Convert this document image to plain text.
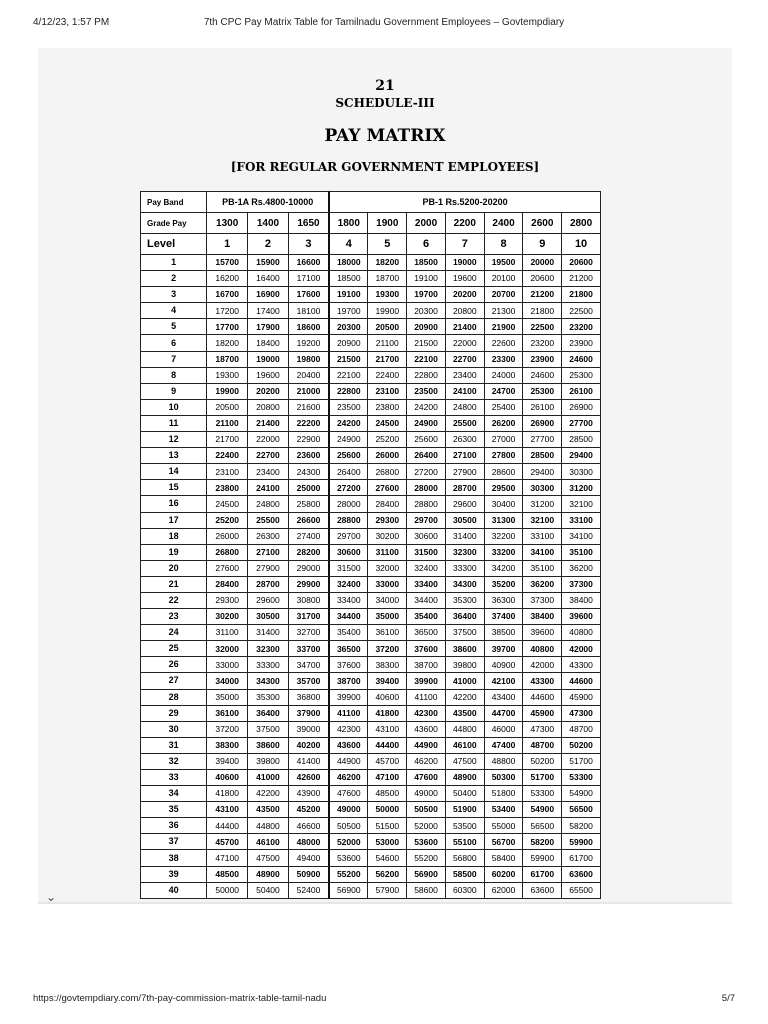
4/12/23, 1:57 PM	7th CPC Pay Matrix Table for Tamilnadu Government Employees – Govtempdiary
21
SCHEDULE-III
PAY MATRIX
[FOR REGULAR GOVERNMENT EMPLOYEES]
Pay Band	PB-1A Rs.4800-10000			PB-1 Rs.5200-20200						
Grade Pay	1300	1400	1650	1800	1900	2000	2200	2400	2600	2800
Level	1	2	3	4	5	6	7	8	9	10
1	15700	15900	16600	18000	18200	18500	19000	19500	20000	20600
2	16200	16400	17100	18500	18700	19100	19600	20100	20600	21200
3	16700	16900	17600	19100	19300	19700	20200	20700	21200	21800
4	17200	17400	18100	19700	19900	20300	20800	21300	21800	22500
5	17700	17900	18600	20300	20500	20900	21400	21900	22500	23200
6	18200	18400	19200	20900	21100	21500	22000	22600	23200	23900
7	18700	19000	19800	21500	21700	22100	22700	23300	23900	24600
8	19300	19600	20400	22100	22400	22800	23400	24000	24600	25300
9	19900	20200	21000	22800	23100	23500	24100	24700	25300	26100
10	20500	20800	21600	23500	23800	24200	24800	25400	26100	26900
11	21100	21400	22200	24200	24500	24900	25500	26200	26900	27700
12	21700	22000	22900	24900	25200	25600	26300	27000	27700	28500
13	22400	22700	23600	25600	26000	26400	27100	27800	28500	29400
14	23100	23400	24300	26400	26800	27200	27900	28600	29400	30300
15	23800	24100	25000	27200	27600	28000	28700	29500	30300	31200
16	24500	24800	25800	28000	28400	28800	29600	30400	31200	32100
17	25200	25500	26600	28800	29300	29700	30500	31300	32100	33100
18	26000	26300	27400	29700	30200	30600	31400	32200	33100	34100
19	26800	27100	28200	30600	31100	31500	32300	33200	34100	35100
20	27600	27900	29000	31500	32000	32400	33300	34200	35100	36200
21	28400	28700	29900	32400	33000	33400	34300	35200	36200	37300
22	29300	29600	30800	33400	34000	34400	35300	36300	37300	38400
23	30200	30500	31700	34400	35000	35400	36400	37400	38400	39600
24	31100	31400	32700	35400	36100	36500	37500	38500	39600	40800
25	32000	32300	33700	36500	37200	37600	38600	39700	40800	42000
26	33000	33300	34700	37600	38300	38700	39800	40900	42000	43300
27	34000	34300	35700	38700	39400	39900	41000	42100	43300	44600
28	35000	35300	36800	39900	40600	41100	42200	43400	44600	45900
29	36100	36400	37900	41100	41800	42300	43500	44700	45900	47300
30	37200	37500	39000	42300	43100	43600	44800	46000	47300	48700
31	38300	38600	40200	43600	44400	44900	46100	47400	48700	50200
32	39400	39800	41400	44900	45700	46200	47500	48800	50200	51700
33	40600	41000	42600	46200	47100	47600	48900	50300	51700	53300
34	41800	42200	43900	47600	48500	49000	50400	51800	53300	54900
35	43100	43500	45200	49000	50000	50500	51900	53400	54900	56500
36	44400	44800	46600	50500	51500	52000	53500	55000	56500	58200
37	45700	46100	48000	52000	53000	53600	55100	56700	58200	59900
38	47100	47500	49400	53600	54600	55200	56800	58400	59900	61700
39	48500	48900	50900	55200	56200	56900	58500	60200	61700	63600
40	50000	50400	52400	56900	57900	58600	60300	62000	63600	65500
⌄
https://govtempdiary.com/7th-pay-commission-matrix-table-tamil-nadu	5/7
